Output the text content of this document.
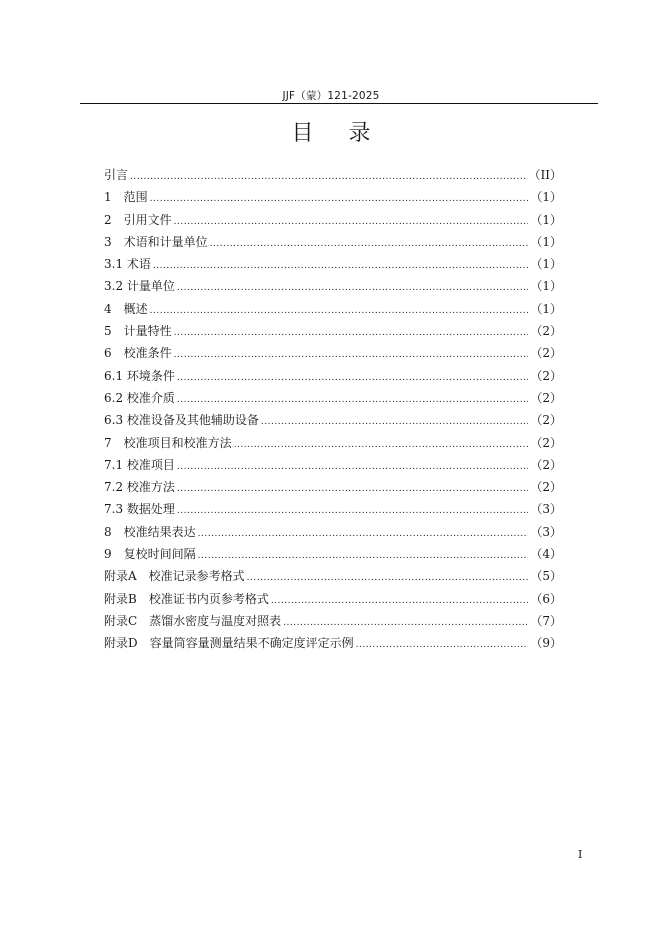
JJF（蒙）121-2025
目 录
引言 .....	（II）
1　范围 .....	（1）
2　引用文件 .....	（1）
3　术语和计量单位 .....	（1）
3.1 术语 .....	（1）
3.2 计量单位 .....	（1）
4　概述 .....	（1）
5　计量特性 .....	（2）
6　校准条件 .....	（2）
6.1 环境条件 .....	（2）
6.2 校准介质 .....	（2）
6.3 校准设备及其他辅助设备 .....	（2）
7　校准项目和校准方法 .....	（2）
7.1 校准项目 .....	（2）
7.2 校准方法 .....	（2）
7.3 数据处理 .....	（3）
8　校准结果表达 .....	（3）
9　复校时间间隔 .....	（4）
附录A　校准记录参考格式 .....	（5）
附录B　校准证书内页参考格式 .....	（6）
附录C　蒸馏水密度与温度对照表 .....	（7）
附录D　容量筒容量测量结果不确定度评定示例 .....	（9）
I
